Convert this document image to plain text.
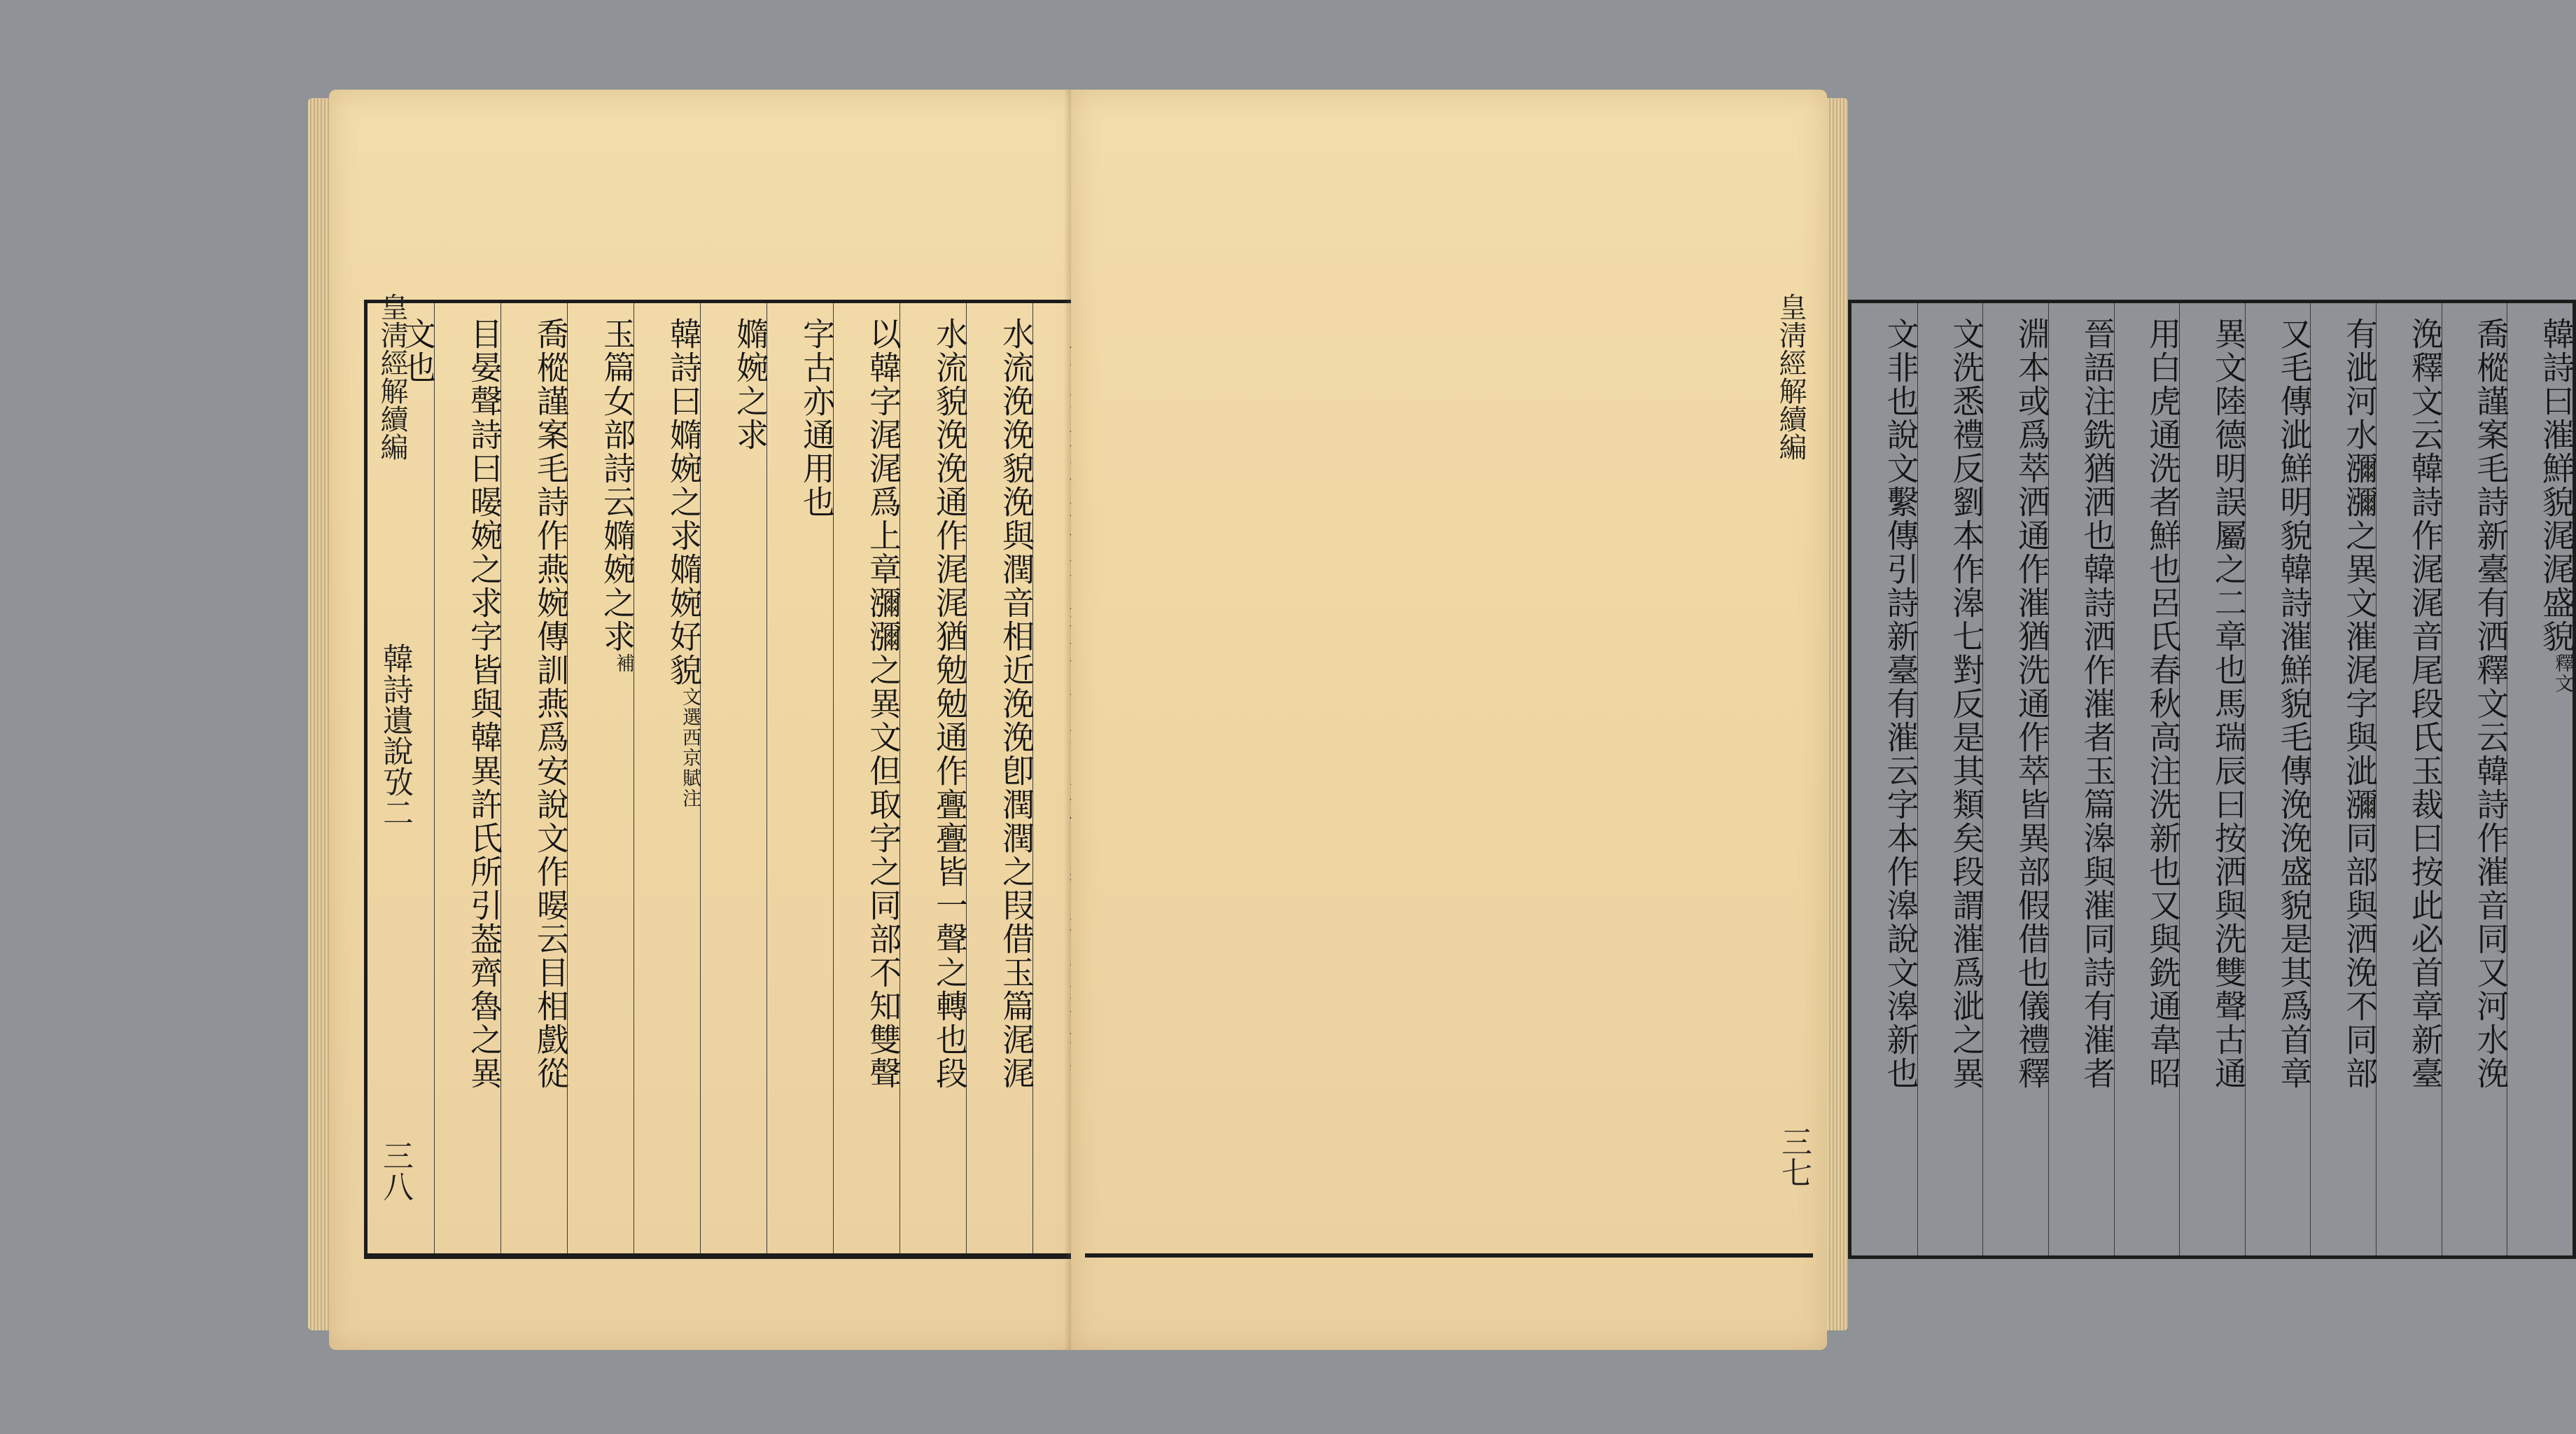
水流浼浼貌浼與潤音相近浼浼卽潤潤之叚借玉篇浘浘
水流貌浼浼通作浘浘猶勉勉通作亹亹皆一聲之轉也段
以韓字浘浘爲上章瀰瀰之異文但取字之同部不知雙聲
字古亦通用也
嫷婉之求
韓詩曰嫷婉之求嫷婉好貌文選西京賦注
玉篇女部詩云嫷婉之求補
喬樅謹案毛詩作燕婉傳訓燕爲安說文作暥云目相戲從
目晏聲詩曰暥婉之求字皆與韓異許氏所引葢齊魯之異
文也
皇淸經解續編
韓詩遺說攷二
三八
韓詩曰漼鮮貌浘浘盛貌釋文
喬樅謹案毛詩新臺有洒釋文云韓詩作漼音同又河水浼
浼釋文云韓詩作浘浘音尾段氏玉裁曰按此必首章新臺
有泚河水瀰瀰之異文漼浘字與泚瀰同部與洒浼不同部
又毛傳泚鮮明貌韓詩漼鮮貌毛傳浼浼盛貌是其爲首章
異文陸德明誤屬之二章也馬瑞辰曰按洒與洗雙聲古通
用白虎通洗者鮮也呂氏春秋高注洗新也又與銑通韋昭
晉語注銑猶洒也韓詩洒作漼者玉篇滜與漼同詩有漼者
淵本或爲萃洒通作漼猶洗通作萃皆異部假借也儀禮釋
文洗悉禮反劉本作滜七對反是其類矣段謂漼爲泚之異
文非也說文繫傳引詩新臺有漼云字本作滜說文滜新也
皇淸經解續編
三七
